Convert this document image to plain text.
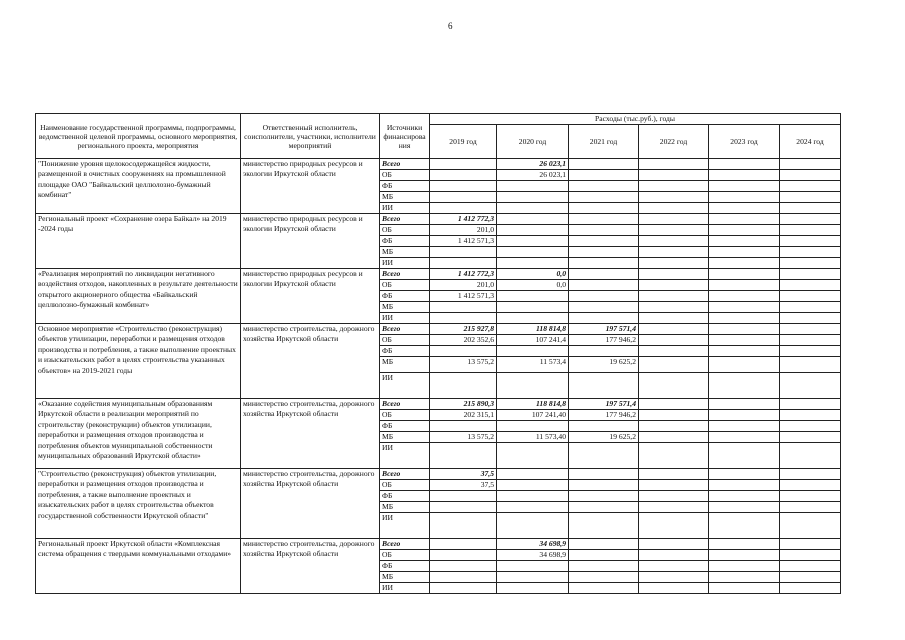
6
Наименование государственной программы, подпрограммы, ведомственной целевой программы, основного мероприятия, регионального проекта, мероприятия	Ответственный исполнитель, соисполнители, участники, исполнители мероприятий	Источники финансирова ния	Расходы (тыс.руб.), годы					
			2019 год	2020 год	2021 год	2022 год	2023 год	2024 год
"Понижение уровня щелокосодержащейся жидкости, размещенной в очистных сооружениях на промышленной площадке ОАО "Байкальский целлюлозно-бумажный комбинат"	министерство природных ресурсов и экологии Иркутской области	Всего		26 023,1				
		ОБ		26 023,1				
		ФБ						
		МБ						
		ИИ						
Региональный проект «Сохранение озера Байкал» на 2019 -2024 годы	министерство природных ресурсов и экологии Иркутской области	Всего	1 412 772,3					
		ОБ	201,0					
		ФБ	1 412 571,3					
		МБ						
		ИИ						
«Реализация мероприятий по ликвидации негативного воздействия отходов, накопленных в результате деятельности открытого акционерного общества «Байкальский целлюлозно-бумажный комбинат»	министерство природных ресурсов и экологии Иркутской области	Всего	1 412 772,3	0,0				
		ОБ	201,0	0,0				
		ФБ	1 412 571,3					
		МБ						
		ИИ						
Основное мероприятие «Строительство (реконструкция) объектов утилизации, переработки и размещения отходов производства и потребления, а также выполнение проектных и изыскательских работ в целях строительства указанных объектов» на 2019-2021 годы	министерство строительства, дорожного хозяйства Иркутской области	Всего	215 927,8	118 814,8	197 571,4			
		ОБ	202 352,6	107 241,4	177 946,2			
		ФБ						
		МБ	13 575,2	11 573,4	19 625,2			
		ИИ						
«Оказание содействия муниципальным образованиям Иркутской области в реализации мероприятий по строительству (реконструкции) объектов утилизации, переработки и размещения отходов производства и потребления объектов муниципальной собственности муниципальных образований Иркутской области»	министерство строительства, дорожного хозяйства Иркутской области	Всего	215 890,3	118 814,8	197 571,4			
		ОБ	202 315,1	107 241,40	177 946,2			
		ФБ						
		МБ	13 575,2	11 573,40	19 625,2			
		ИИ						
"Строительство (реконструкция) объектов утилизации, переработки и размещения отходов производства и потребления, а также выполнение проектных и изыскательских работ в целях строительства объектов государственной собственности Иркутской области"	министерство строительства, дорожного хозяйства Иркутской области	Всего	37,5					
		ОБ	37,5					
		ФБ						
		МБ						
		ИИ						
Региональный проект Иркутской области «Комплексная система обращения с твердыми коммунальными отходами»	министерство строительства, дорожного хозяйства Иркутской области	Всего		34 698,9				
		ОБ		34 698,9				
		ФБ						
		МБ						
		ИИ						
